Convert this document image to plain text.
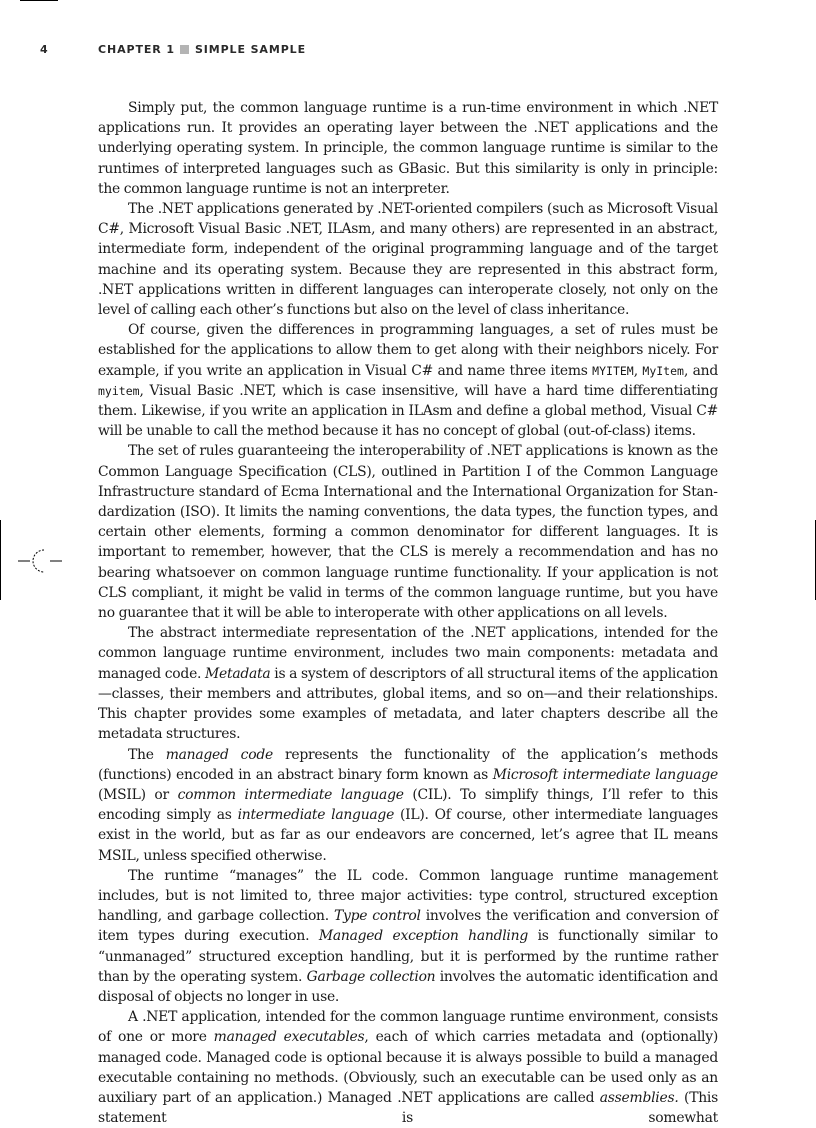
4	CHAPTER 1 SIMPLE SAMPLE

Simply put, the common language runtime is a run-time environment in which .NET applications run. It provides an operating layer between the .NET applications and the underlying operating system. In principle, the common language runtime is similar to the runtimes of interpreted languages such as GBasic. But this similarity is only in principle: the common language runtime is not an interpreter.

The .NET applications generated by .NET-oriented compilers (such as Microsoft Visual C#, Microsoft Visual Basic .NET, ILAsm, and many others) are represented in an abstract, intermediate form, independent of the original programming language and of the target machine and its operating system. Because they are represented in this abstract form, .NET applications written in different languages can interoperate closely, not only on the level of calling each other’s functions but also on the level of class inheritance.

Of course, given the differences in programming languages, a set of rules must be established for the applications to allow them to get along with their neighbors nicely. For example, if you write an application in Visual C# and name three items MYITEM, MyItem, and myitem, Visual Basic .NET, which is case insensitive, will have a hard time differentiating them. Likewise, if you write an application in ILAsm and define a global method, Visual C# will be unable to call the method because it has no concept of global (out-of-class) items.

The set of rules guaranteeing the interoperability of .NET applications is known as the Common Language Specification (CLS), outlined in Partition I of the Common Language Infrastructure standard of Ecma International and the International Organization for Standardization (ISO). It limits the naming conventions, the data types, the function types, and certain other elements, forming a common denominator for different languages. It is important to remember, however, that the CLS is merely a recommendation and has no bearing whatsoever on common language runtime functionality. If your application is not CLS compliant, it might be valid in terms of the common language runtime, but you have no guarantee that it will be able to interoperate with other applications on all levels.

The abstract intermediate representation of the .NET applications, intended for the common language runtime environment, includes two main components: metadata and managed code. Metadata is a system of descriptors of all structural items of the application—classes, their members and attributes, global items, and so on—and their relationships. This chapter provides some examples of metadata, and later chapters describe all the metadata structures.

The managed code represents the functionality of the application’s methods (functions) encoded in an abstract binary form known as Microsoft intermediate language (MSIL) or common intermediate language (CIL). To simplify things, I’ll refer to this encoding simply as intermediate language (IL). Of course, other intermediate languages exist in the world, but as far as our endeavors are concerned, let’s agree that IL means MSIL, unless specified otherwise.

The runtime “manages” the IL code. Common language runtime management includes, but is not limited to, three major activities: type control, structured exception handling, and garbage collection. Type control involves the verification and conversion of item types during execution. Managed exception handling is functionally similar to “unmanaged” structured exception handling, but it is performed by the runtime rather than by the operating system. Garbage collection involves the automatic identification and disposal of objects no longer in use.

A .NET application, intended for the common language runtime environment, consists of one or more managed executables, each of which carries metadata and (optionally) managed code. Managed code is optional because it is always possible to build a managed executable containing no methods. (Obviously, such an executable can be used only as an auxiliary part of an application.) Managed .NET applications are called assemblies. (This statement is somewhat
